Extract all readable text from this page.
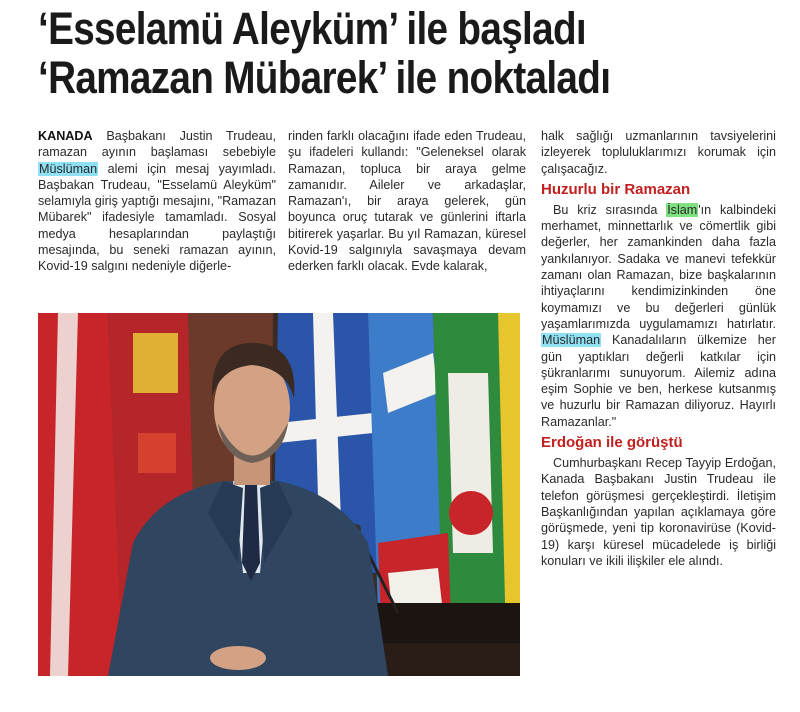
‘Esselamü Aleyküm’ ile başladı
‘Ramazan Mübarek’ ile noktaladı

KANADA Başbakanı Justin Trudeau, ramazan ayının başlaması sebebiyle Müslüman alemi için mesaj yayımladı. Başbakan Trudeau, "Esselamü Aleyküm" selamıyla giriş yaptığı mesajını, "Ramazan Mübarek" ifadesiyle tamamladı. Sosyal medya hesaplarından paylaştığı mesajında, bu seneki ramazan ayının, Kovid-19 salgını nedeniyle diğerle-

rinden farklı olacağını ifade eden Trudeau, şu ifadeleri kullandı: "Geleneksel olarak Ramazan, topluca bir araya gelme zamanıdır. Aileler ve arkadaşlar, Ramazan'ı, bir araya gelerek, gün boyunca oruç tutarak ve günlerini iftarla bitirerek yaşarlar. Bu yıl Ramazan, küresel Kovid-19 salgınıyla savaşmaya devam ederken farklı olacak. Evde kalarak,

halk sağlığı uzmanlarının tavsiyelerini izleyerek topluluklarımızı korumak için çalışacağız.

Huzurlu bir Ramazan

Bu kriz sırasında İslam'ın kalbindeki merhamet, minnettarlık ve cömertlik gibi değerler, her zamankinden daha fazla yankılanıyor. Sadaka ve manevi tefekkür zamanı olan Ramazan, bize başkalarının ihtiyaçlarını kendimizinkinden öne koymamızı ve bu değerleri günlük yaşamlarımızda uygulamamızı hatırlatır. Müslüman Kanadalıların ülkemize her gün yaptıkları değerli katkılar için şükranlarımı sunuyorum. Ailemiz adına eşim Sophie ve ben, herkese kutsanmış ve huzurlu bir Ramazan diliyoruz. Hayırlı Ramazanlar."

Erdoğan ile görüştü

Cumhurbaşkanı Recep Tayyip Erdoğan, Kanada Başbakanı Justin Trudeau ile telefon görüşmesi gerçekleştirdi. İletişim Başkanlığından yapılan açıklamaya göre görüşmede, yeni tip koronavirüse (Kovid-19) karşı küresel mücadelede iş birliği konuları ve ikili ilişkiler ele alındı.
